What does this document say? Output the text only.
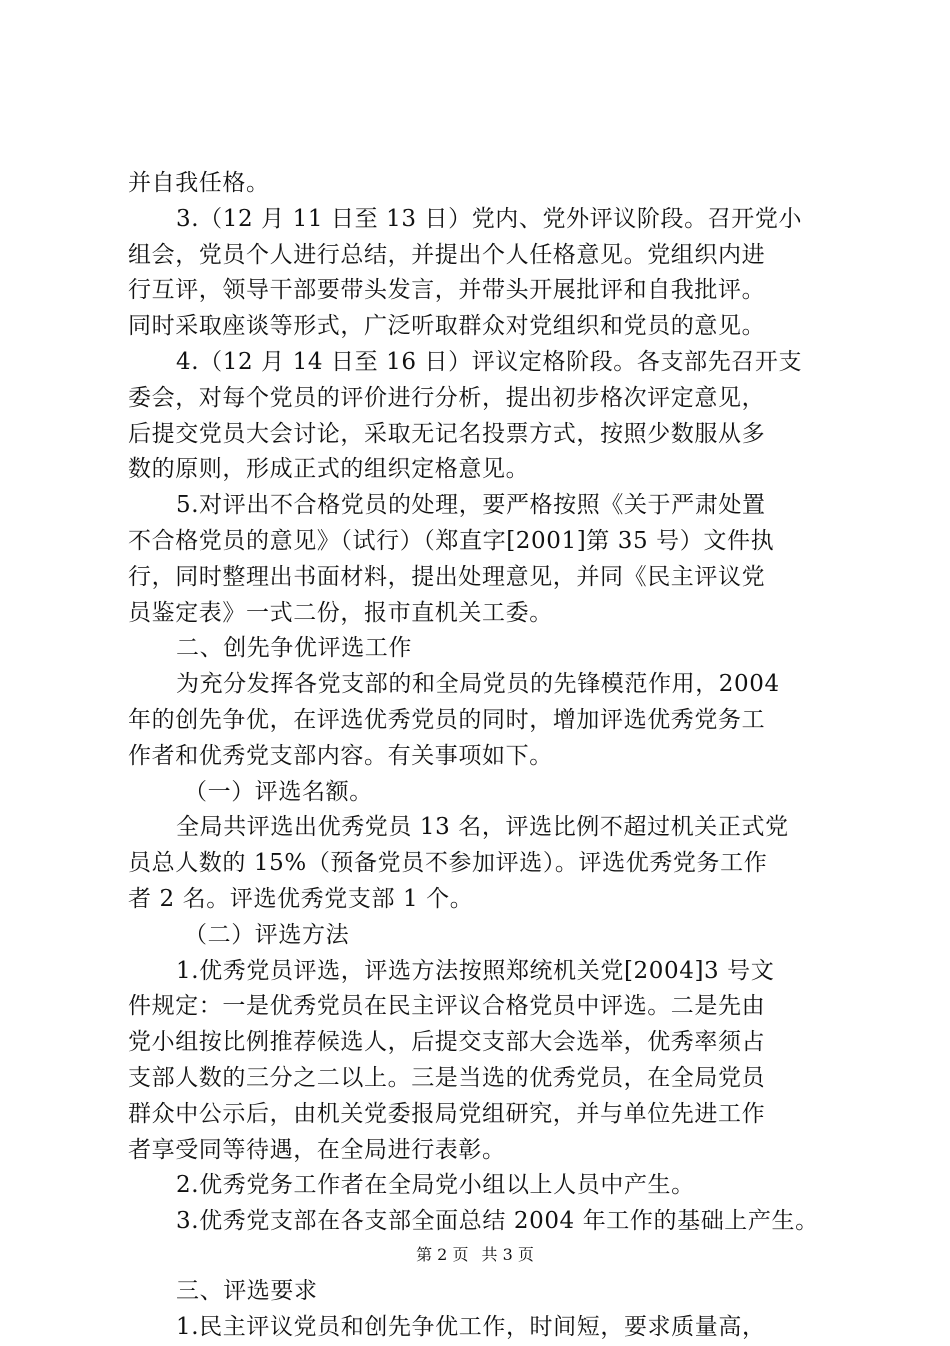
并自我任格。
3.（12 月 11 日至 13 日）党内、党外评议阶段。召开党小
组会，党员个人进行总结，并提出个人任格意见。党组织内进
行互评，领导干部要带头发言，并带头开展批评和自我批评。
同时采取座谈等形式，广泛听取群众对党组织和党员的意见。
4.（12 月 14 日至 16 日）评议定格阶段。各支部先召开支
委会，对每个党员的评价进行分析，提出初步格次评定意见，
后提交党员大会讨论，采取无记名投票方式，按照少数服从多
数的原则，形成正式的组织定格意见。
5.对评出不合格党员的处理，要严格按照《关于严肃处置
不合格党员的意见》（试行）（郑直字[2001]第 35 号）文件执
行，同时整理出书面材料，提出处理意见，并同《民主评议党
员鉴定表》一式二份，报市直机关工委。
二、创先争优评选工作
为充分发挥各党支部的和全局党员的先锋模范作用，2004
年的创先争优，在评选优秀党员的同时，增加评选优秀党务工
作者和优秀党支部内容。有关事项如下。
（一）评选名额。
全局共评选出优秀党员 13 名，评选比例不超过机关正式党
员总人数的 15%（预备党员不参加评选）。评选优秀党务工作
者 2 名。评选优秀党支部 1 个。
（二）评选方法
1.优秀党员评选，评选方法按照郑统机关党[2004]3 号文
件规定：一是优秀党员在民主评议合格党员中评选。二是先由
党小组按比例推荐候选人，后提交支部大会选举，优秀率须占
支部人数的三分之二以上。三是当选的优秀党员，在全局党员
群众中公示后，由机关党委报局党组研究，并与单位先进工作
者享受同等待遇，在全局进行表彰。
2.优秀党务工作者在全局党小组以上人员中产生。
3.优秀党支部在各支部全面总结 2004 年工作的基础上产生。
三、评选要求
1.民主评议党员和创先争优工作，时间短，要求质量高，
第 2 页 共 3 页
